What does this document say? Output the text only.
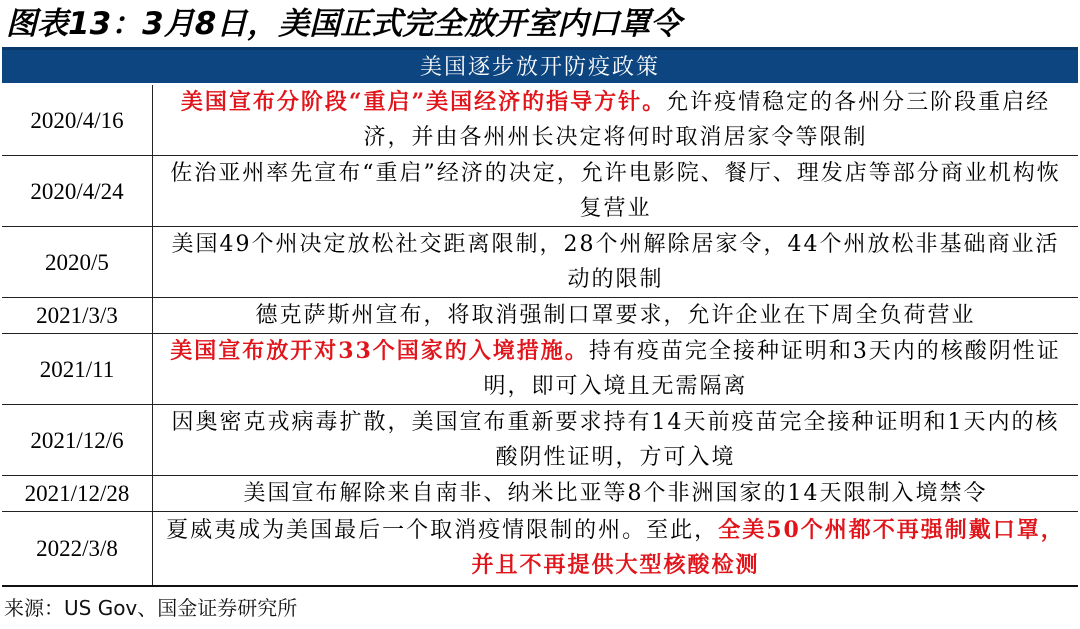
图表13：3月8日，美国正式完全放开室内口罩令
美国逐步放开防疫政策
2020/4/16	美国宣布分阶段“重启”美国经济的指导方针。允许疫情稳定的各州分三阶段重启经济，并由各州州长决定将何时取消居家令等限制
2020/4/24	佐治亚州率先宣布“重启”经济的决定，允许电影院、餐厅、理发店等部分商业机构恢复营业
2020/5	美国49个州决定放松社交距离限制，28个州解除居家令，44个州放松非基础商业活动的限制
2021/3/3	德克萨斯州宣布，将取消强制口罩要求，允许企业在下周全负荷营业
2021/11	美国宣布放开对33个国家的入境措施。持有疫苗完全接种证明和3天内的核酸阴性证明，即可入境且无需隔离
2021/12/6	因奥密克戎病毒扩散，美国宣布重新要求持有14天前疫苗完全接种证明和1天内的核酸阴性证明，方可入境
2021/12/28	美国宣布解除来自南非、纳米比亚等8个非洲国家的14天限制入境禁令
2022/3/8	夏威夷成为美国最后一个取消疫情限制的州。至此，全美50个州都不再强制戴口罩，并且不再提供大型核酸检测
来源：US Gov、国金证券研究所
